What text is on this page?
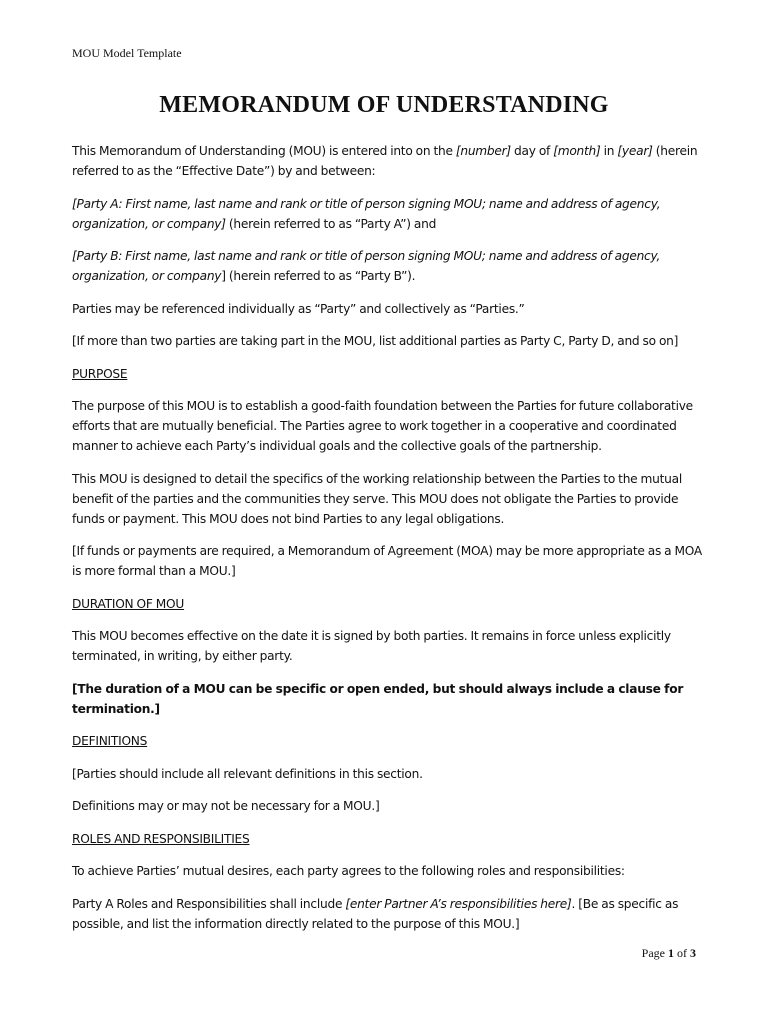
MOU Model Template
MEMORANDUM OF UNDERSTANDING

This Memorandum of Understanding (MOU) is entered into on the [number] day of [month] in [year] (herein referred to as the “Effective Date”) by and between:

[Party A: First name, last name and rank or title of person signing MOU; name and address of agency, organization, or company] (herein referred to as “Party A”) and

[Party B: First name, last name and rank or title of person signing MOU; name and address of agency, organization, or company] (herein referred to as “Party B”).

Parties may be referenced individually as “Party” and collectively as “Parties.”

[If more than two parties are taking part in the MOU, list additional parties as Party C, Party D, and so on]

PURPOSE

The purpose of this MOU is to establish a good-faith foundation between the Parties for future collaborative efforts that are mutually beneficial. The Parties agree to work together in a cooperative and coordinated manner to achieve each Party’s individual goals and the collective goals of the partnership.

This MOU is designed to detail the specifics of the working relationship between the Parties to the mutual benefit of the parties and the communities they serve. This MOU does not obligate the Parties to provide funds or payment. This MOU does not bind Parties to any legal obligations.

[If funds or payments are required, a Memorandum of Agreement (MOA) may be more appropriate as a MOA is more formal than a MOU.]

DURATION OF MOU

This MOU becomes effective on the date it is signed by both parties. It remains in force unless explicitly terminated, in writing, by either party.

[The duration of a MOU can be specific or open ended, but should always include a clause for termination.]

DEFINITIONS

[Parties should include all relevant definitions in this section.

Definitions may or may not be necessary for a MOU.]

ROLES AND RESPONSIBILITIES

To achieve Parties’ mutual desires, each party agrees to the following roles and responsibilities:

Party A Roles and Responsibilities shall include [enter Partner A’s responsibilities here]. [Be as specific as possible, and list the information directly related to the purpose of this MOU.]

Page 1 of 3
